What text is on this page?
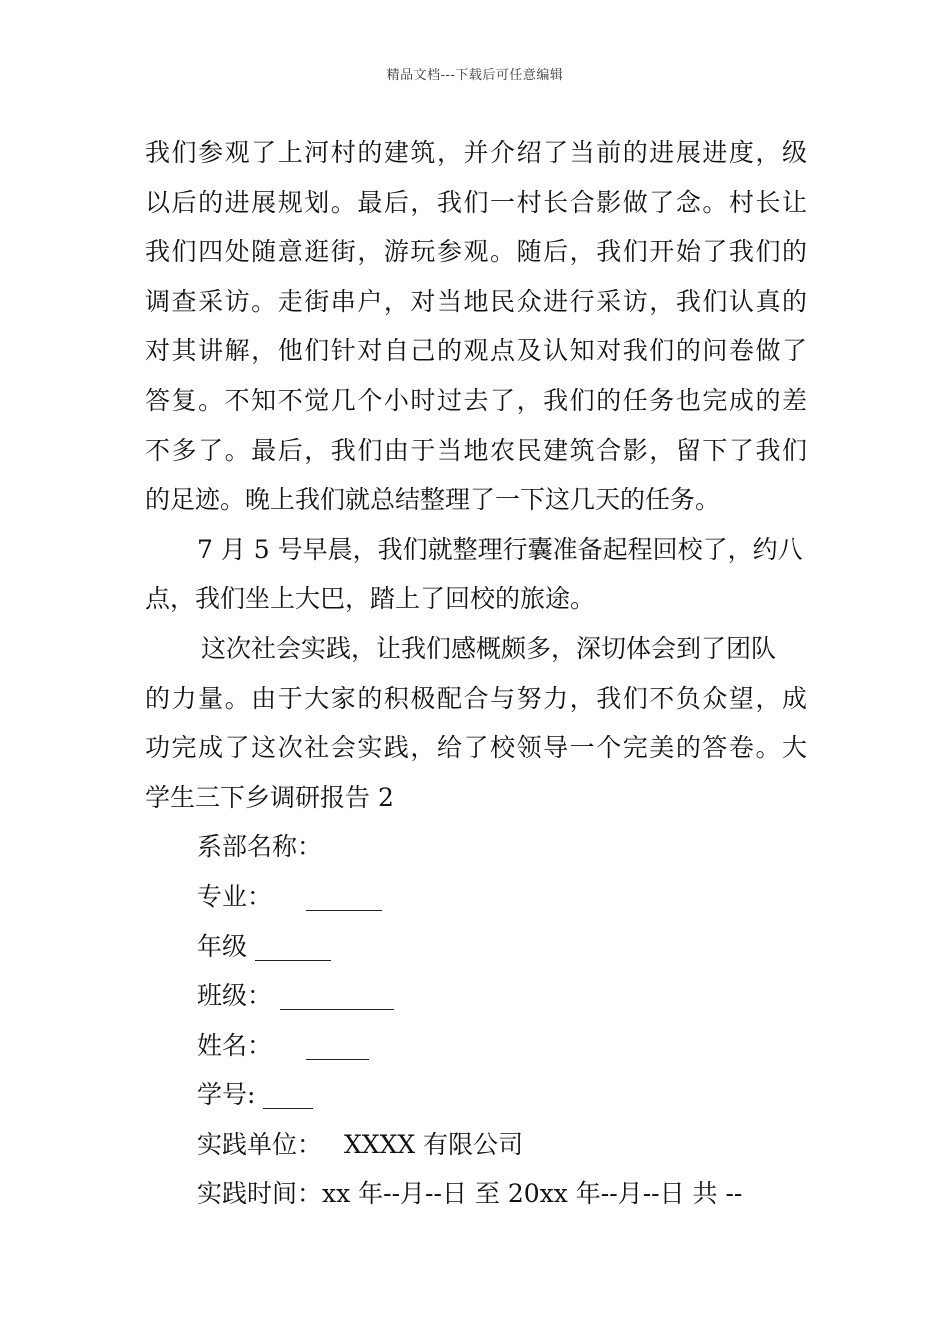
精品文档---下载后可任意编辑
我们参观了上河村的建筑，并介绍了当前的进展进度，级
以后的进展规划。最后，我们一村长合影做了念。村长让
我们四处随意逛街，游玩参观。随后，我们开始了我们的
调查采访。走街串户，对当地民众进行采访，我们认真的
对其讲解，他们针对自己的观点及认知对我们的问卷做了
答复。不知不觉几个小时过去了，我们的任务也完成的差
不多了。最后，我们由于当地农民建筑合影，留下了我们
的足迹。晚上我们就总结整理了一下这几天的任务。
7 月 5 号早晨，我们就整理行囊准备起程回校了，约八
点，我们坐上大巴，踏上了回校的旅途。
这次社会实践，让我们感概颇多，深切体会到了团队
的力量。由于大家的积极配合与努力，我们不负众望，成
功完成了这次社会实践，给了校领导一个完美的答卷。大
学生三下乡调研报告 2
系部名称：
专业：
年级
班级：
姓名：
学号:
实践单位： XXXX 有限公司
实践时间：xx 年--月--日 至 20xx 年--月--日 共 --
